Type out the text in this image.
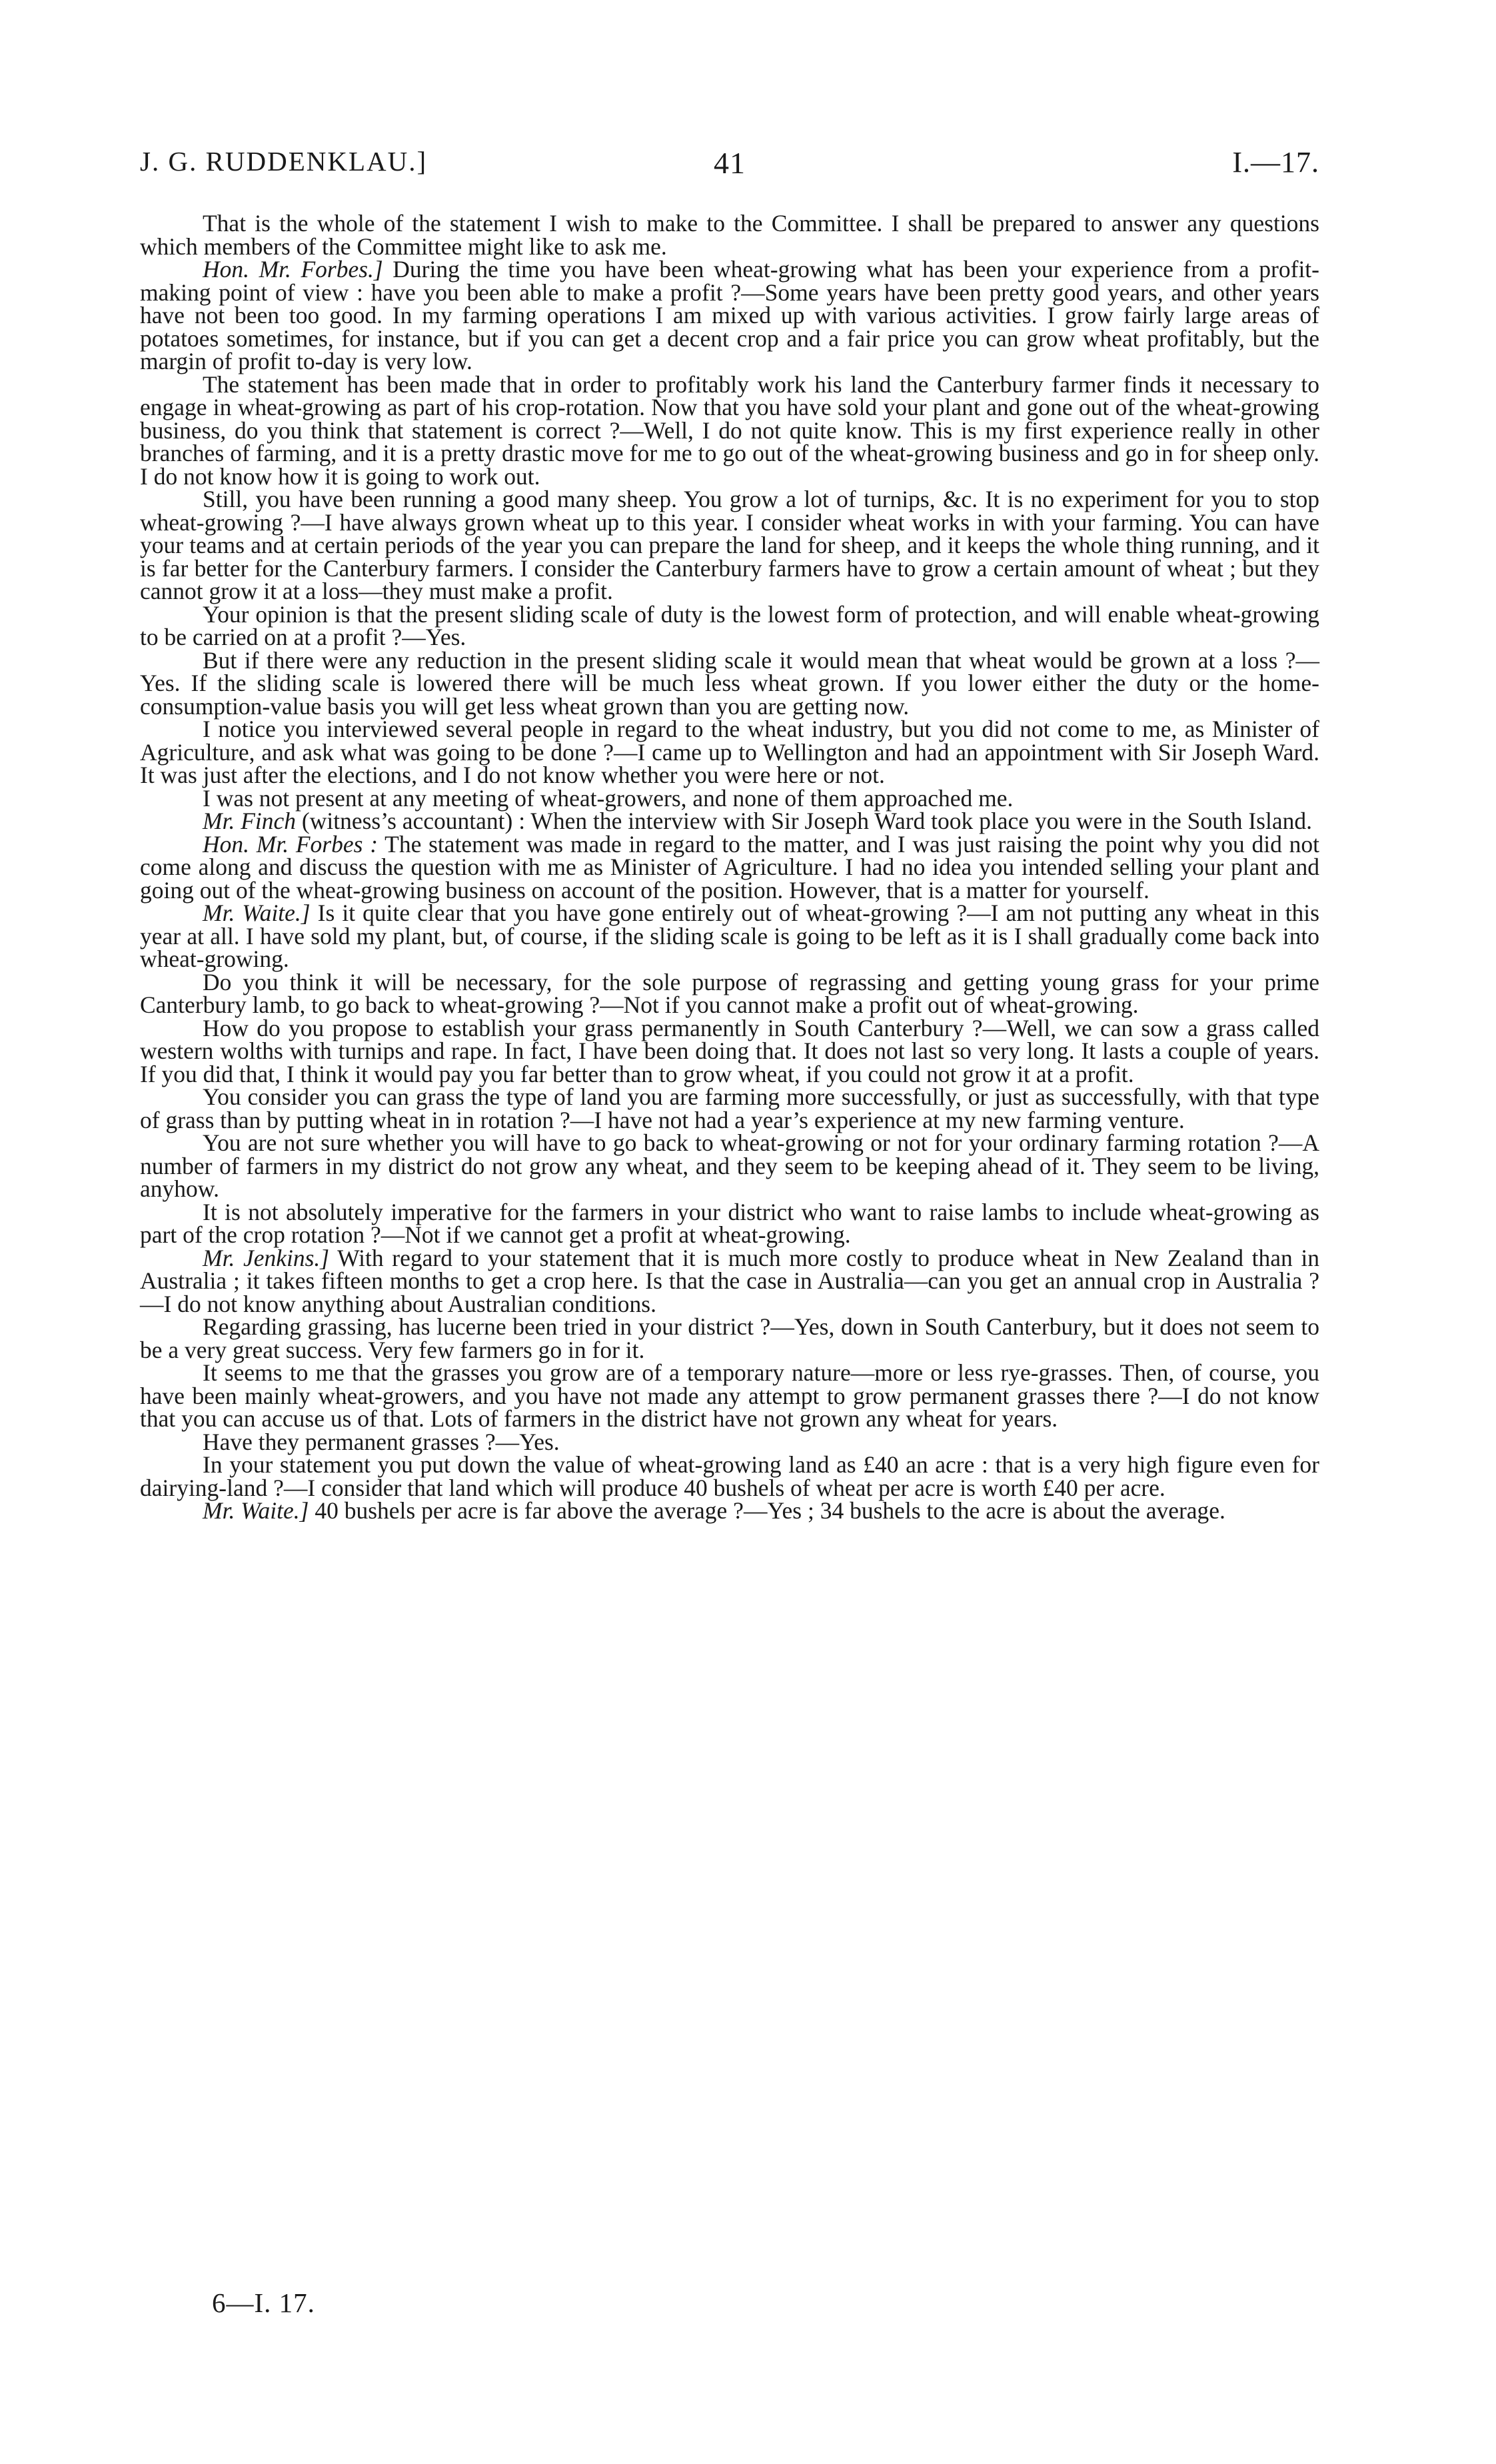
J. G. RUDDENKLAU.]	41	I.—17.

That is the whole of the statement I wish to make to the Committee. I shall be prepared to answer any questions which members of the Committee might like to ask me.

Hon. Mr. Forbes.] During the time you have been wheat-growing what has been your experience from a profit-making point of view : have you been able to make a profit ?—Some years have been pretty good years, and other years have not been too good. In my farming operations I am mixed up with various activities. I grow fairly large areas of potatoes sometimes, for instance, but if you can get a decent crop and a fair price you can grow wheat profitably, but the margin of profit to-day is very low.

The statement has been made that in order to profitably work his land the Canterbury farmer finds it necessary to engage in wheat-growing as part of his crop-rotation. Now that you have sold your plant and gone out of the wheat-growing business, do you think that statement is correct ?—Well, I do not quite know. This is my first experience really in other branches of farming, and it is a pretty drastic move for me to go out of the wheat-growing business and go in for sheep only. I do not know how it is going to work out.

Still, you have been running a good many sheep. You grow a lot of turnips, &c. It is no experiment for you to stop wheat-growing ?—I have always grown wheat up to this year. I consider wheat works in with your farming. You can have your teams and at certain periods of the year you can prepare the land for sheep, and it keeps the whole thing running, and it is far better for the Canterbury farmers. I consider the Canterbury farmers have to grow a certain amount of wheat ; but they cannot grow it at a loss—they must make a profit.

Your opinion is that the present sliding scale of duty is the lowest form of protection, and will enable wheat-growing to be carried on at a profit ?—Yes.

But if there were any reduction in the present sliding scale it would mean that wheat would be grown at a loss ?—Yes. If the sliding scale is lowered there will be much less wheat grown. If you lower either the duty or the home-consumption-value basis you will get less wheat grown than you are getting now.

I notice you interviewed several people in regard to the wheat industry, but you did not come to me, as Minister of Agriculture, and ask what was going to be done ?—I came up to Wellington and had an appointment with Sir Joseph Ward. It was just after the elections, and I do not know whether you were here or not.

I was not present at any meeting of wheat-growers, and none of them approached me.

Mr. Finch (witness’s accountant) : When the interview with Sir Joseph Ward took place you were in the South Island.

Hon. Mr. Forbes : The statement was made in regard to the matter, and I was just raising the point why you did not come along and discuss the question with me as Minister of Agriculture. I had no idea you intended selling your plant and going out of the wheat-growing business on account of the position. However, that is a matter for yourself.

Mr. Waite.] Is it quite clear that you have gone entirely out of wheat-growing ?—I am not putting any wheat in this year at all. I have sold my plant, but, of course, if the sliding scale is going to be left as it is I shall gradually come back into wheat-growing.

Do you think it will be necessary, for the sole purpose of regrassing and getting young grass for your prime Canterbury lamb, to go back to wheat-growing ?—Not if you cannot make a profit out of wheat-growing.

How do you propose to establish your grass permanently in South Canterbury ?—Well, we can sow a grass called western wolths with turnips and rape. In fact, I have been doing that. It does not last so very long. It lasts a couple of years. If you did that, I think it would pay you far better than to grow wheat, if you could not grow it at a profit.

You consider you can grass the type of land you are farming more successfully, or just as successfully, with that type of grass than by putting wheat in in rotation ?—I have not had a year’s experience at my new farming venture.

You are not sure whether you will have to go back to wheat-growing or not for your ordinary farming rotation ?—A number of farmers in my district do not grow any wheat, and they seem to be keeping ahead of it. They seem to be living, anyhow.

It is not absolutely imperative for the farmers in your district who want to raise lambs to include wheat-growing as part of the crop rotation ?—Not if we cannot get a profit at wheat-growing.

Mr. Jenkins.] With regard to your statement that it is much more costly to produce wheat in New Zealand than in Australia ; it takes fifteen months to get a crop here. Is that the case in Australia—can you get an annual crop in Australia ?—I do not know anything about Australian conditions.

Regarding grassing, has lucerne been tried in your district ?—Yes, down in South Canterbury, but it does not seem to be a very great success. Very few farmers go in for it.

It seems to me that the grasses you grow are of a temporary nature—more or less rye-grasses. Then, of course, you have been mainly wheat-growers, and you have not made any attempt to grow permanent grasses there ?—I do not know that you can accuse us of that. Lots of farmers in the district have not grown any wheat for years.

Have they permanent grasses ?—Yes.

In your statement you put down the value of wheat-growing land as £40 an acre : that is a very high figure even for dairying-land ?—I consider that land which will produce 40 bushels of wheat per acre is worth £40 per acre.

Mr. Waite.] 40 bushels per acre is far above the average ?—Yes ; 34 bushels to the acre is about the average.

6—I. 17.
